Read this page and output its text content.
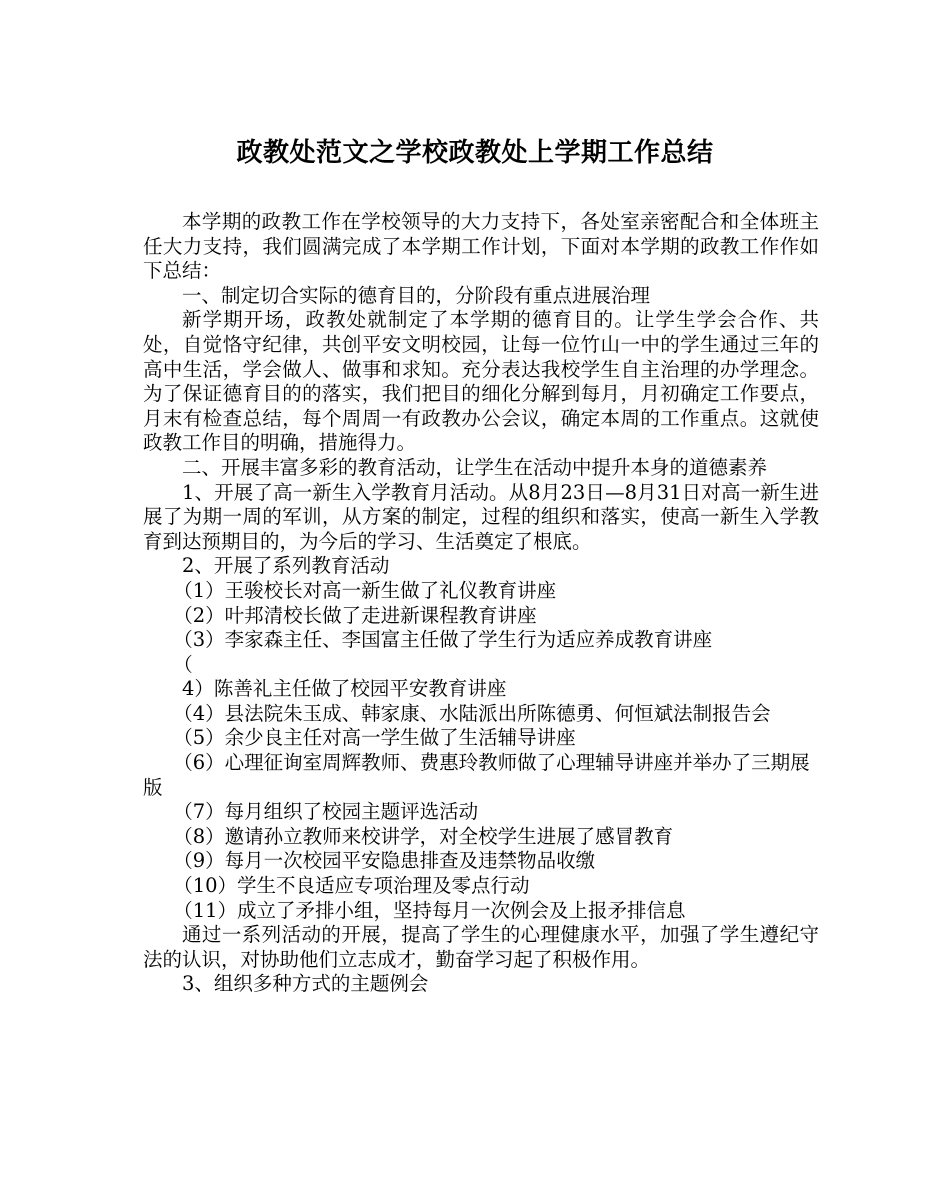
政教处范文之学校政教处上学期工作总结

本学期的政教工作在学校领导的大力支持下，各处室亲密配合和全体班主任大力支持，我们圆满完成了本学期工作计划，下面对本学期的政教工作作如下总结：

一、制定切合实际的德育目的，分阶段有重点进展治理

新学期开场，政教处就制定了本学期的德育目的。让学生学会合作、共处，自觉恪守纪律，共创平安文明校园，让每一位竹山一中的学生通过三年的高中生活，学会做人、做事和求知。充分表达我校学生自主治理的办学理念。为了保证德育目的的落实，我们把目的细化分解到每月，月初确定工作要点，月末有检查总结，每个周周一有政教办公会议，确定本周的工作重点。这就使政教工作目的明确，措施得力。

二、开展丰富多彩的教育活动，让学生在活动中提升本身的道德素养

1、开展了高一新生入学教育月活动。从8月23日—8月31日对高一新生进展了为期一周的军训，从方案的制定，过程的组织和落实，使高一新生入学教育到达预期目的，为今后的学习、生活奠定了根底。

2、开展了系列教育活动

（1）王骏校长对高一新生做了礼仪教育讲座

（2）叶邦清校长做了走进新课程教育讲座

（3）李家森主任、李国富主任做了学生行为适应养成教育讲座

（

4）陈善礼主任做了校园平安教育讲座

（4）县法院朱玉成、韩家康、水陆派出所陈德勇、何恒斌法制报告会

（5）余少良主任对高一学生做了生活辅导讲座

（6）心理征询室周辉教师、费惠玲教师做了心理辅导讲座并举办了三期展版

（7）每月组织了校园主题评选活动

（8）邀请孙立教师来校讲学，对全校学生进展了感冒教育

（9）每月一次校园平安隐患排查及违禁物品收缴

（10）学生不良适应专项治理及零点行动

（11）成立了矛排小组，坚持每月一次例会及上报矛排信息

通过一系列活动的开展，提高了学生的心理健康水平，加强了学生遵纪守法的认识，对协助他们立志成才，勤奋学习起了积极作用。

3、组织多种方式的主题例会
